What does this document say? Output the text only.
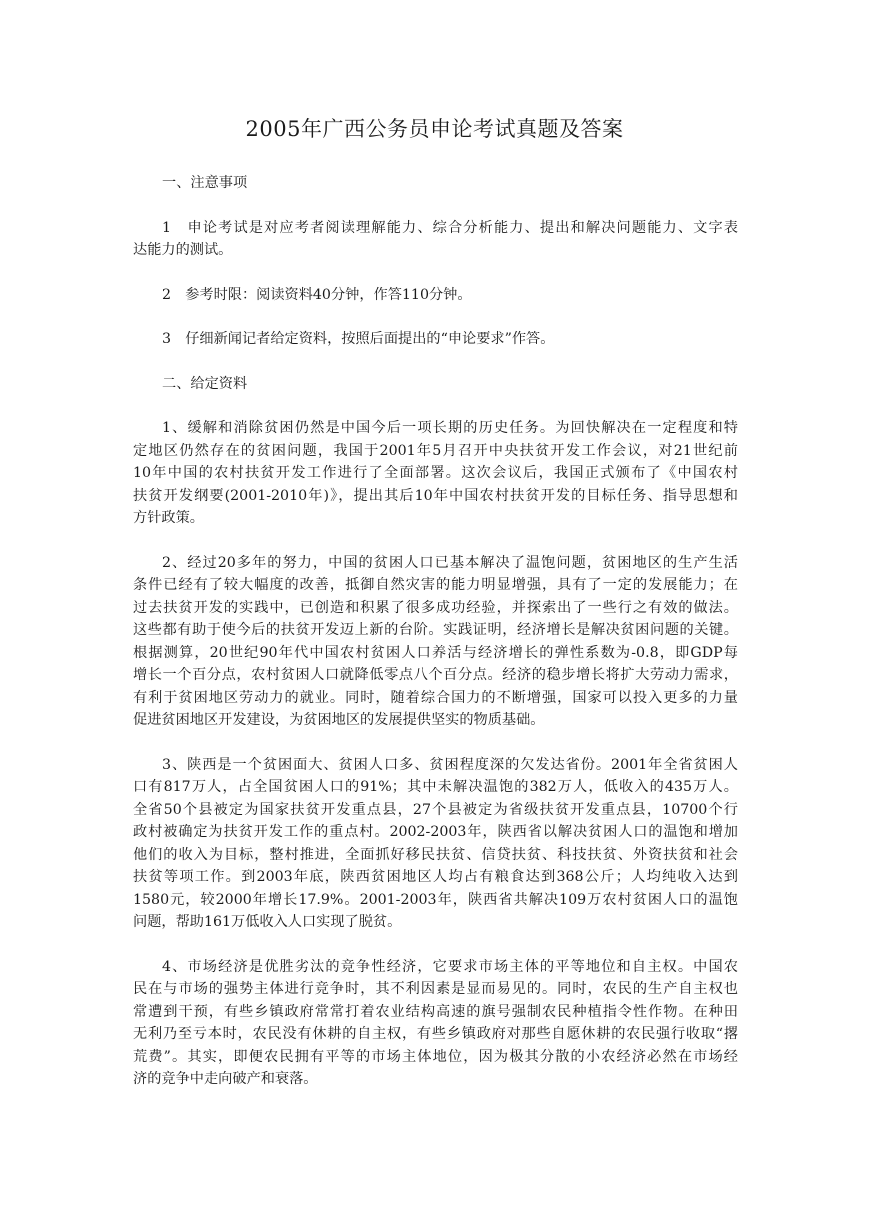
2005年广西公务员申论考试真题及答案
一、注意事项
1　申论考试是对应考者阅读理解能力、综合分析能力、提出和解决问题能力、文字表
达能力的测试。
2　参考时限：阅读资料40分钟，作答110分钟。
3　仔细新闻记者给定资料，按照后面提出的“申论要求”作答。
二、给定资料
1、缓解和消除贫困仍然是中国今后一项长期的历史任务。为回快解决在一定程度和特
定地区仍然存在的贫困问题，我国于2001年5月召开中央扶贫开发工作会议，对21世纪前
10年中国的农村扶贫开发工作进行了全面部署。这次会议后，我国正式颁布了《中国农村
扶贫开发纲要(2001-2010年)》，提出其后10年中国农村扶贫开发的目标任务、指导思想和
方针政策。
2、经过20多年的努力，中国的贫困人口已基本解决了温饱问题，贫困地区的生产生活
条件已经有了较大幅度的改善，抵御自然灾害的能力明显增强，具有了一定的发展能力；在
过去扶贫开发的实践中，已创造和积累了很多成功经验，并探索出了一些行之有效的做法。
这些都有助于使今后的扶贫开发迈上新的台阶。实践证明，经济增长是解决贫困问题的关键。
根据测算，20世纪90年代中国农村贫困人口养活与经济增长的弹性系数为-0.8，即GDP每
增长一个百分点，农村贫困人口就降低零点八个百分点。经济的稳步增长将扩大劳动力需求，
有利于贫困地区劳动力的就业。同时，随着综合国力的不断增强，国家可以投入更多的力量
促进贫困地区开发建设，为贫困地区的发展提供坚实的物质基础。
3、陕西是一个贫困面大、贫困人口多、贫困程度深的欠发达省份。2001年全省贫困人
口有817万人，占全国贫困人口的91%；其中未解决温饱的382万人，低收入的435万人。
全省50个县被定为国家扶贫开发重点县，27个县被定为省级扶贫开发重点县，10700个行
政村被确定为扶贫开发工作的重点村。2002-2003年，陕西省以解决贫困人口的温饱和增加
他们的收入为目标，整村推进，全面抓好移民扶贫、信贷扶贫、科技扶贫、外资扶贫和社会
扶贫等项工作。到2003年底，陕西贫困地区人均占有粮食达到368公斤；人均纯收入达到
1580元，较2000年增长17.9%。2001-2003年，陕西省共解决109万农村贫困人口的温饱
问题，帮助161万低收入人口实现了脱贫。
4、市场经济是优胜劣汰的竞争性经济，它要求市场主体的平等地位和自主权。中国农
民在与市场的强势主体进行竞争时，其不利因素是显而易见的。同时，农民的生产自主权也
常遭到干预，有些乡镇政府常常打着农业结构高速的旗号强制农民种植指令性作物。在种田
无利乃至亏本时，农民没有休耕的自主权，有些乡镇政府对那些自愿休耕的农民强行收取“撂
荒费”。其实，即便农民拥有平等的市场主体地位，因为极其分散的小农经济必然在市场经
济的竞争中走向破产和衰落。
